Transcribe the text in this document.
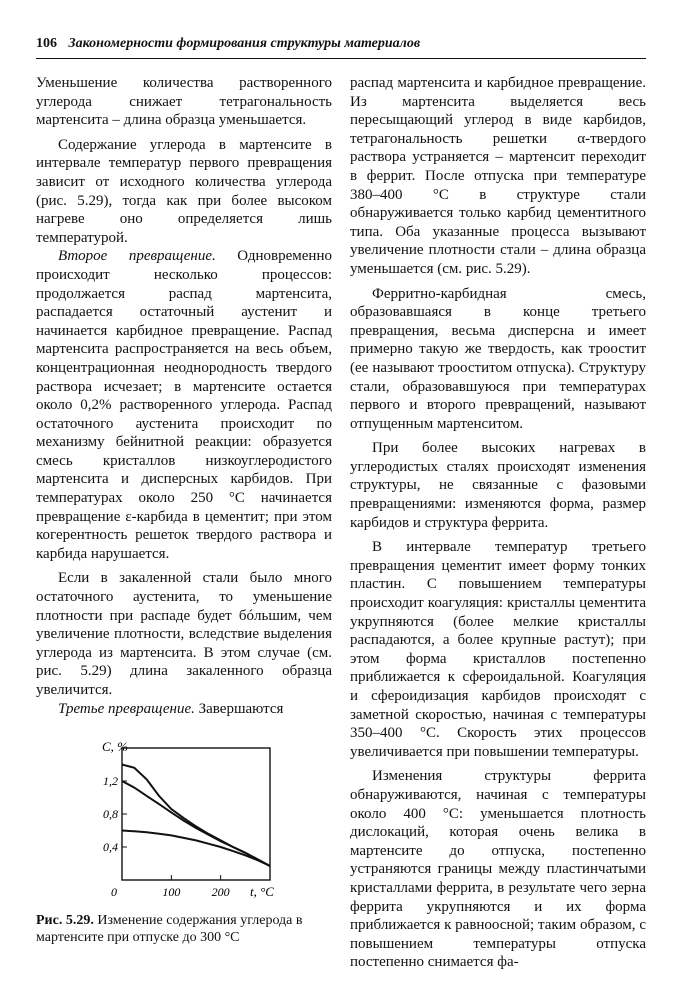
106 Закономерности формирования структуры материалов

Уменьшение количества растворенного углерода снижает тетрагональность мартенсита – длина образца уменьшается.

Содержание углерода в мартенсите в интервале температур первого превращения зависит от исходного количества углерода (рис. 5.29), тогда как при более высоком нагреве оно определяется лишь температурой.

Второе превращение. Одновременно происходит несколько процессов: продолжается распад мартенсита, распадается остаточный аустенит и начинается карбидное превращение. Распад мартенсита распространяется на весь объем, концентрационная неоднородность твердого раствора исчезает; в мартенсите остается около 0,2% растворенного углерода. Распад остаточного аустенита происходит по механизму бейнитной реакции: образуется смесь кристаллов низкоуглеродистого мартенсита и дисперсных карбидов. При температурах около 250 °С начинается превращение ε-карбида в цементит; при этом когерентность решеток твердого раствора и карбида нарушается.

Если в закаленной стали было много остаточного аустенита, то уменьшение плотности при распаде будет бóльшим, чем увеличение плотности, вследствие выделения углерода из мартенсита. В этом случае (см. рис. 5.29) длина закаленного образца увеличится.

Третье превращение. Завершаются

распад мартенсита и карбидное превращение. Из мартенсита выделяется весь пересыщающий углерод в виде карбидов, тетрагональность решетки α-твердого раствора устраняется – мартенсит переходит в феррит. После отпуска при температуре 380–400 °С в структуре стали обнаруживается только карбид цементитного типа. Оба указанные процесса вызывают увеличение плотности стали – длина образца уменьшается (см. рис. 5.29).

Ферритно-карбидная смесь, образовавшаяся в конце третьего превращения, весьма дисперсна и имеет примерно такую же твердость, как троостит (ее называют трооститом отпуска). Структуру стали, образовавшуюся при температурах первого и второго превращений, называют отпущенным мартенситом.

При более высоких нагревах в углеродистых сталях происходят изменения структуры, не связанные с фазовыми превращениями: изменяются форма, размер карбидов и структура феррита.

В интервале температур третьего превращения цементит имеет форму тонких пластин. С повышением температуры происходит коагуляция: кристаллы цементита укрупняются (более мелкие кристаллы распадаются, а более крупные растут); при этом форма кристаллов постепенно приближается к сфероидальной. Коагуляция и сфероидизация карбидов происходят с заметной скоростью, начиная с температуры 350–400 °С. Скорость этих процессов увеличивается при повышении температуры.

Изменения структуры феррита обнаруживаются, начиная с температуры около 400 °С: уменьшается плотность дислокаций, которая очень велика в мартенсите до отпуска, постепенно устраняются границы между пластинчатыми кристаллами феррита, в результате чего зерна феррита укрупняются и их форма приближается к равноосной; таким образом, с повышением температуры отпуска постепенно снимается фа-

0,4
0,8
1,2
0	100	200
C, %
t, °C
Рис. 5.29. Изменение содержания углерода в мартенсите при отпуске до 300 °С
